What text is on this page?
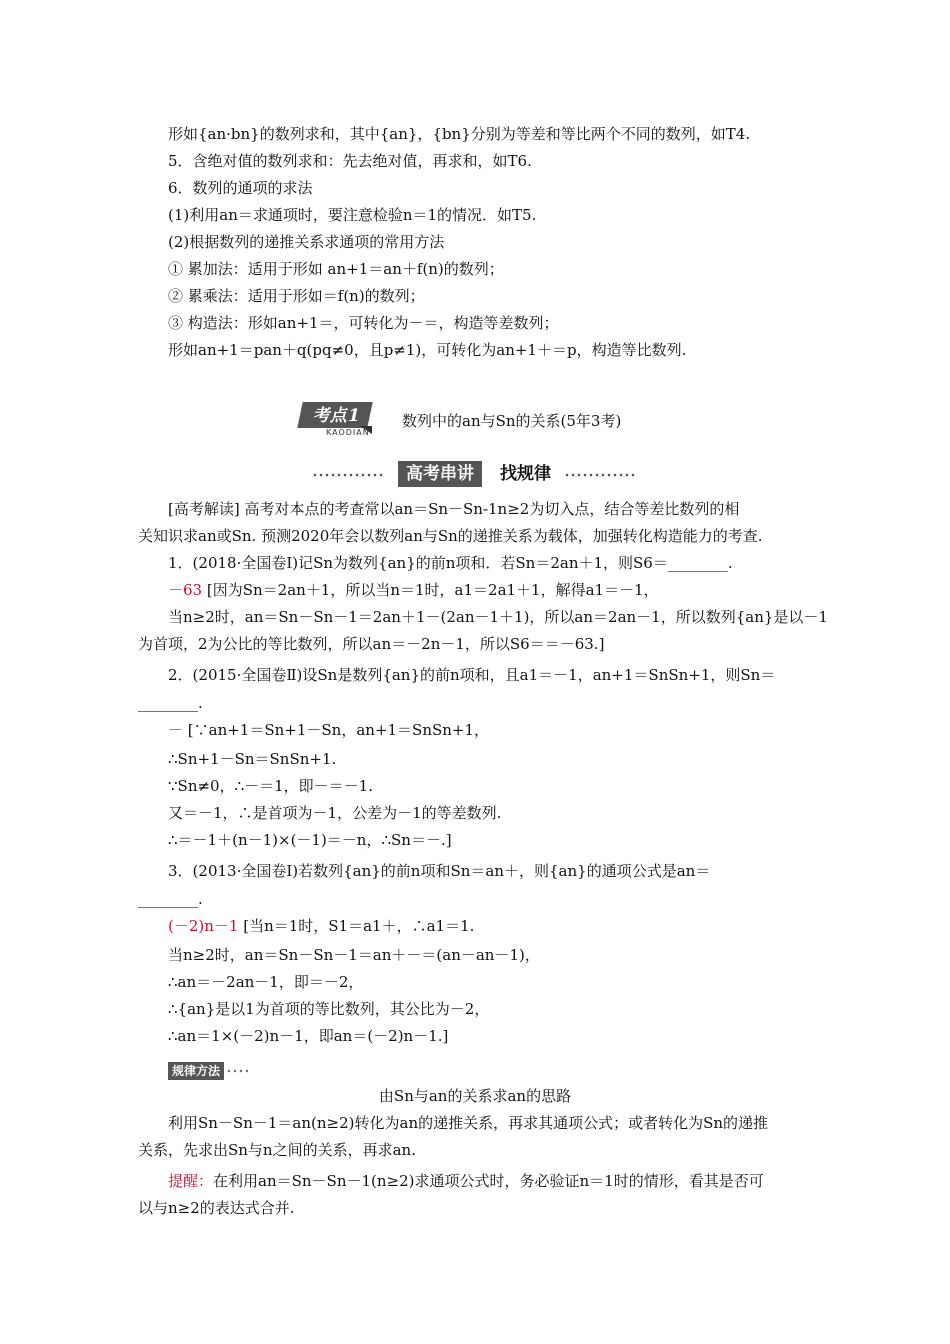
形如{an·bn}的数列求和，其中{an}，{bn}分别为等差和等比两个不同的数列，如T4.
5．含绝对值的数列求和：先去绝对值，再求和，如T6.
6．数列的通项的求法
(1)利用an＝求通项时，要注意检验n＝1的情况．如T5.
(2)根据数列的递推关系求通项的常用方法
① 累加法：适用于形如 an+1＝an＋f(n)的数列；
② 累乘法：适用于形如＝f(n)的数列；
③ 构造法：形如an+1＝，可转化为－＝，构造等差数列；
形如an+1＝pan＋q(pq≠0，且p≠1)，可转化为an+1＋＝p，构造等比数列.
[高考解读] 高考对本点的考查常以an＝Sn－Sn-1n≥2为切入点，结合等差比数列的相
关知识求an或Sn. 预测2020年会以数列an与Sn的递推关系为载体，加强转化构造能力的考查.
1．(2018·全国卷Ⅰ)记Sn为数列{an}的前n项和．若Sn＝2an＋1，则S6＝________.
当n≥2时，an＝Sn－Sn－1＝2an＋1－(2an－1＋1)，所以an＝2an－1，所以数列{an}是以－1
为首项，2为公比的等比数列，所以an＝－2n－1，所以S6＝＝－63.]
2．(2015·全国卷Ⅱ)设Sn是数列{an}的前n项和，且a1＝－1，an+1＝SnSn+1，则Sn＝
________.
∴Sn+1－Sn＝SnSn+1.
∵Sn≠0，∴－＝1，即－＝－1.
又＝－1，∴是首项为－1，公差为－1的等差数列.
∴＝－1＋(n－1)×(－1)＝－n，∴Sn＝－.]
3．(2013·全国卷Ⅰ)若数列{an}的前n项和Sn＝an＋，则{an}的通项公式是an＝
________.
当n≥2时，an＝Sn－Sn－1＝an＋－＝(an－an－1)，
∴an＝－2an－1，即＝－2，
∴{an}是以1为首项的等比数列，其公比为－2，
∴an＝1×(－2)n－1，即an＝(－2)n－1.]
利用Sn－Sn－1＝an(n≥2)转化为an的递推关系，再求其通项公式；或者转化为Sn的递推
关系，先求出Sn与n之间的关系，再求an.
以与n≥2的表达式合并.
－63 [因为Sn＝2an＋1，所以当n＝1时，a1＝2a1＋1，解得a1＝－1，
－ [∵an+1＝Sn+1－Sn，an+1＝SnSn+1，
(－2)n－1 [当n＝1时，S1＝a1＋，∴a1＝1.
考点1
KAODIAN
数列中的an与Sn的关系(5年3考)
高考串讲	找规律
规律方法
由Sn与an的关系求an的思路
提醒：在利用an＝Sn－Sn－1(n≥2)求通项公式时，务必验证n＝1时的情形，看其是否可
